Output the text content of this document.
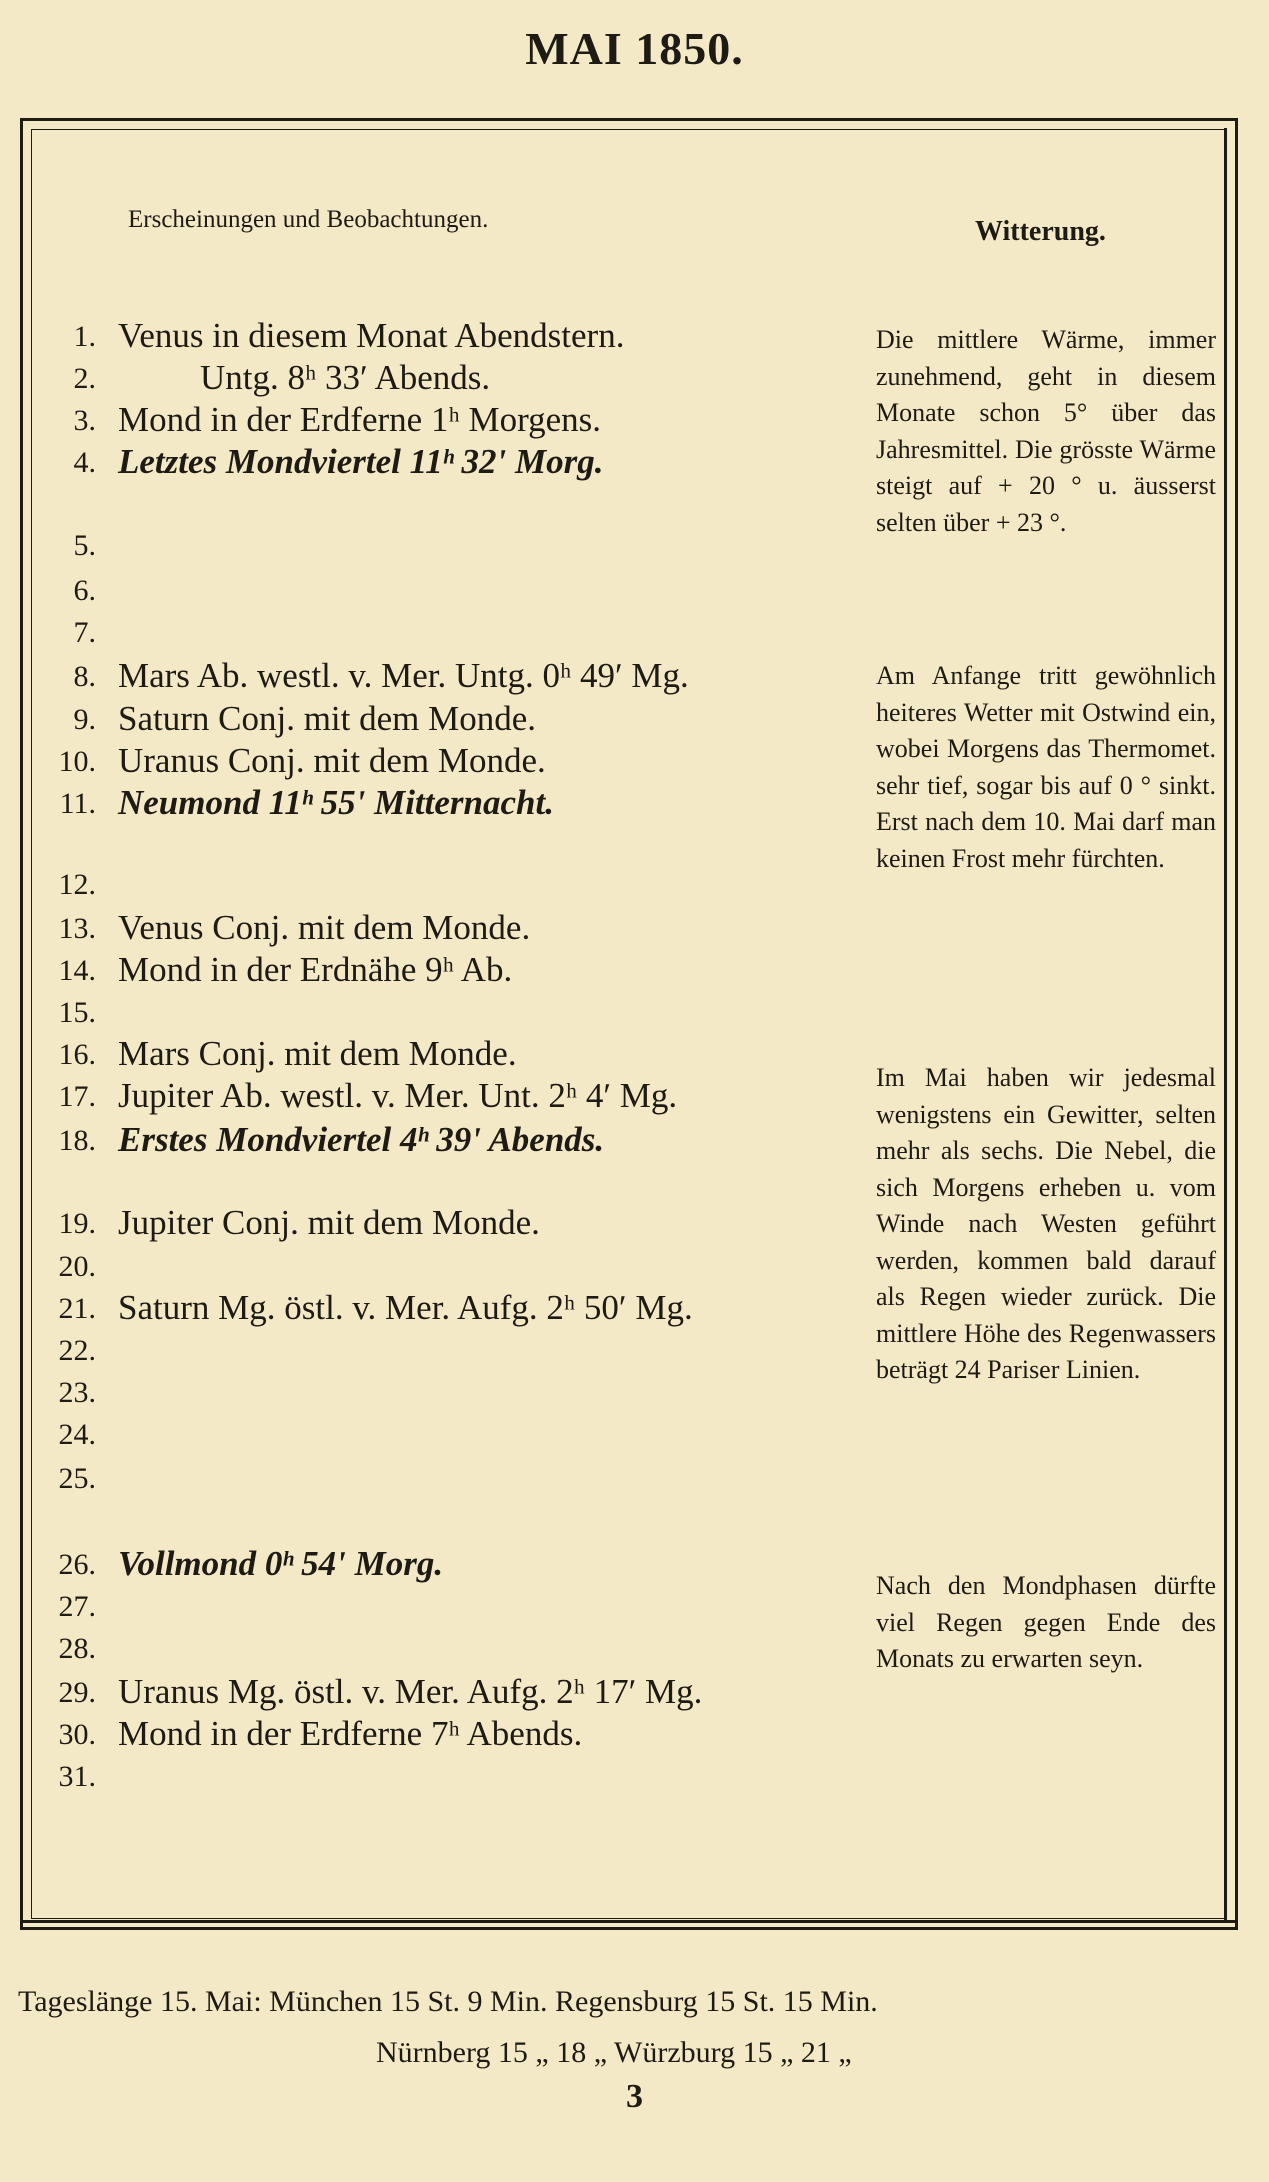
MAI 1850.
Erscheinungen und Beobachtungen.	Witterung.
1.
2.
3.
4.
5.
6.
7.
8.
9.
10.
11.
12.
13.
14.
15.
16.
17.
18.
19.
20.
21.
22.
23.
24.
25.
26.
27.
28.
29.
30.
31.
Venus in diesem Monat Abendstern.
Untg. 8ʰ 33ʹ Abends.
Mond in der Erdferne 1ʰ Morgens.
Letztes Mondviertel 11ʰ 32ʹ Morg.
Mars Ab. westl. v. Mer. Untg. 0ʰ 49ʹ Mg.
Saturn Conj. mit dem Monde.
Uranus Conj. mit dem Monde.
Neumond 11ʰ 55ʹ Mitternacht.
Venus Conj. mit dem Monde.
Mond in der Erdnähe 9ʰ Ab.
Mars Conj. mit dem Monde.
Jupiter Ab. westl. v. Mer. Unt. 2ʰ 4ʹ Mg.
Erstes Mondviertel 4ʰ 39ʹ Abends.
Jupiter Conj. mit dem Monde.
Saturn Mg. östl. v. Mer. Aufg. 2ʰ 50ʹ Mg.
Vollmond 0ʰ 54ʹ Morg.
Uranus Mg. östl. v. Mer. Aufg. 2ʰ 17ʹ Mg.
Mond in der Erdferne 7ʰ Abends.

Die mittlere Wärme, immer zunehmend, geht in diesem Monate schon 5° über das Jahresmittel. Die grösste Wärme steigt auf + 20 ° u. äusserst selten über + 23 °.

Am Anfange tritt gewöhnlich heiteres Wetter mit Ostwind ein, wobei Morgens das Thermomet. sehr tief, sogar bis auf 0 ° sinkt. Erst nach dem 10. Mai darf man keinen Frost mehr fürchten.

Im Mai haben wir jedesmal wenigstens ein Gewitter, selten mehr als sechs. Die Nebel, die sich Morgens erheben u. vom Winde nach Westen geführt werden, kommen bald darauf als Regen wieder zurück. Die mittlere Höhe des Regenwassers beträgt 24 Pariser Linien.

Nach den Mondphasen dürfte viel Regen gegen Ende des Monats zu erwarten seyn.

Tageslänge 15. Mai: München 15 St. 9 Min. Regensburg 15 St. 15 Min.
Nürnberg 15 „ 18 „ Würzburg 15 „ 21 „
3
